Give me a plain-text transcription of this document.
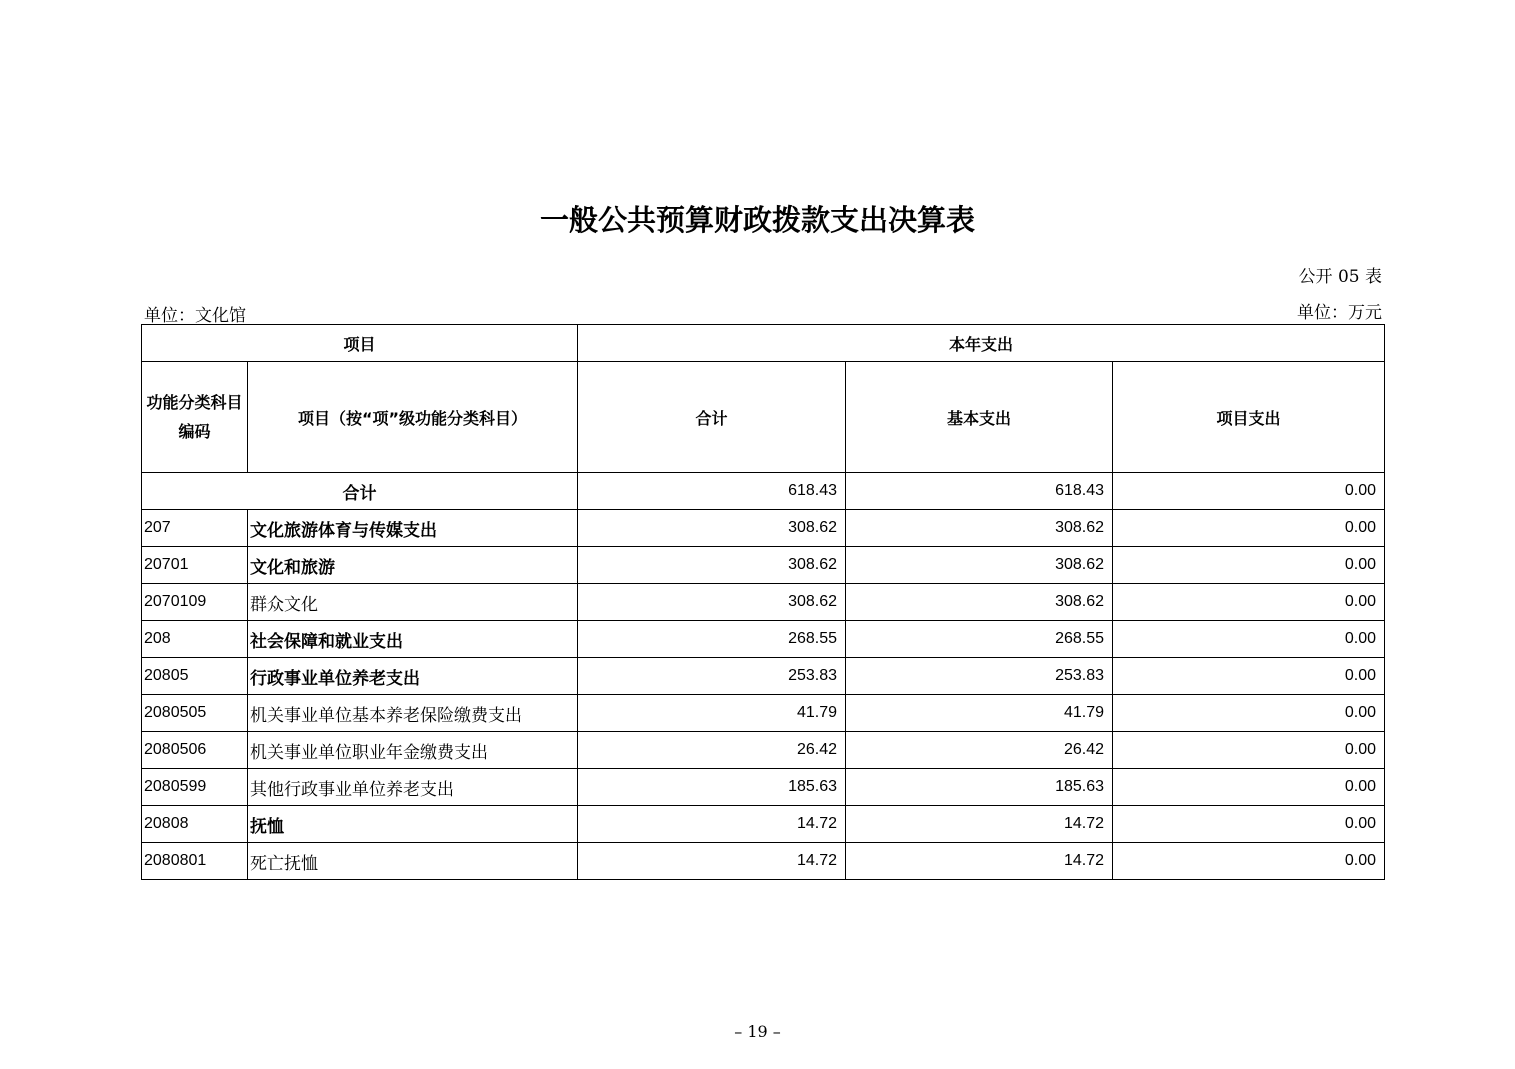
一般公共预算财政拨款支出决算表
公开 05 表
单位：文化馆	单位：万元
项目		本年支出		
功能分类科目编码	项目（按“项”级功能分类科目）	合计	基本支出	项目支出
合计		618.43	618.43	0.00
207	文化旅游体育与传媒支出	308.62	308.62	0.00
20701	文化和旅游	308.62	308.62	0.00
2070109	群众文化	308.62	308.62	0.00
208	社会保障和就业支出	268.55	268.55	0.00
20805	行政事业单位养老支出	253.83	253.83	0.00
2080505	机关事业单位基本养老保险缴费支出	41.79	41.79	0.00
2080506	机关事业单位职业年金缴费支出	26.42	26.42	0.00
2080599	其他行政事业单位养老支出	185.63	185.63	0.00
20808	抚恤	14.72	14.72	0.00
2080801	死亡抚恤	14.72	14.72	0.00
– 19 –
